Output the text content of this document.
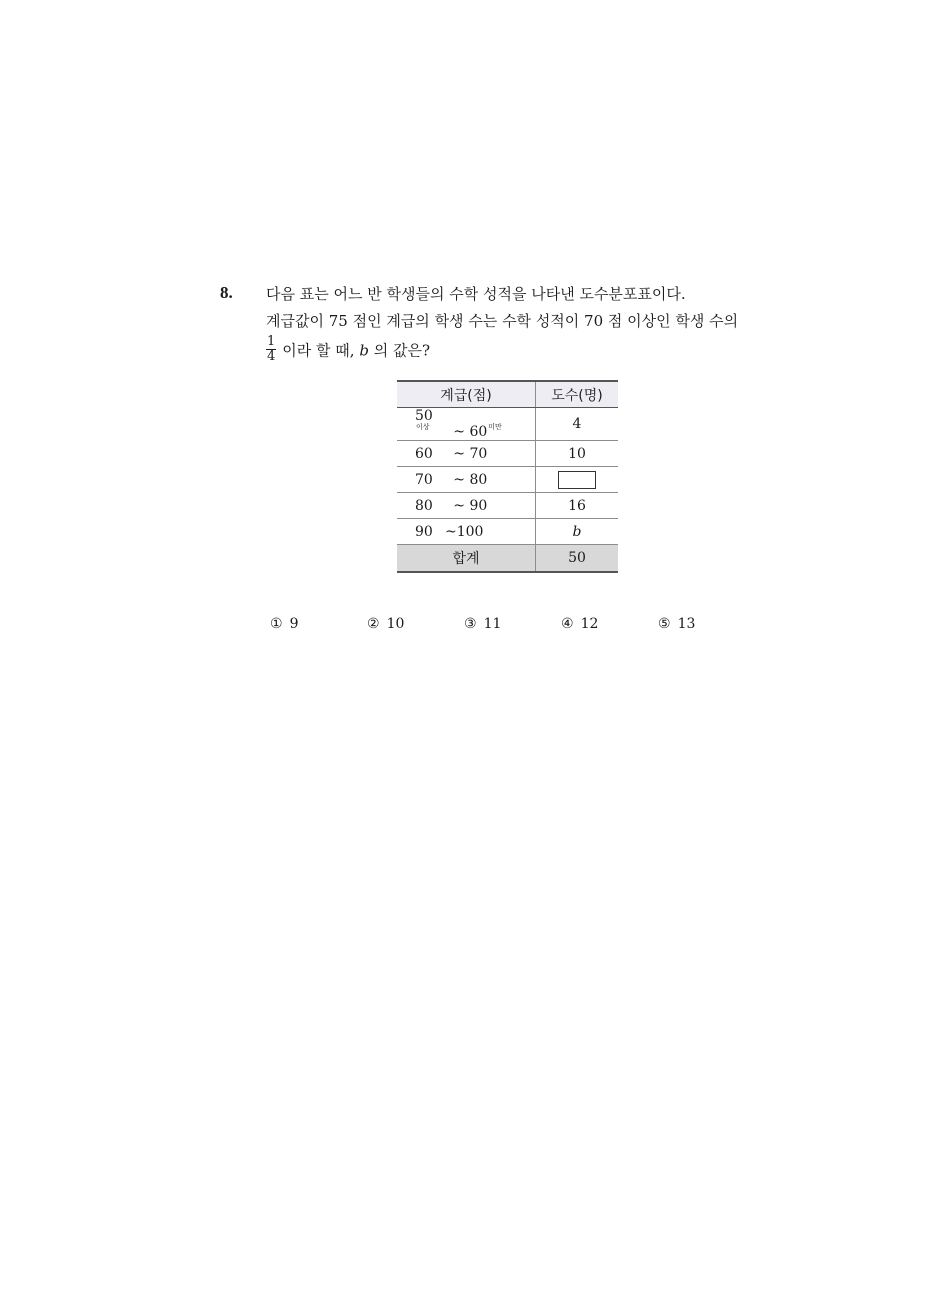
8. 다음 표는 어느 반 학생들의 수학 성적을 나타낸 도수분포표이다.
계급값이 75 점인 계급의 학생 수는 수학 성적이 70 점 이상인 학생 수의
$\frac{1}{4}$ 이라 할 때, b 의 값은?
계급(점)	도수(명)
$50^{이상}$ ~ $60^{미만}$	4
60 ~ 70	10
70 ~ 80	
80 ~ 90	16
90 ~100	b
합계	50
① 9	② 10	③ 11	④ 12	⑤ 13
